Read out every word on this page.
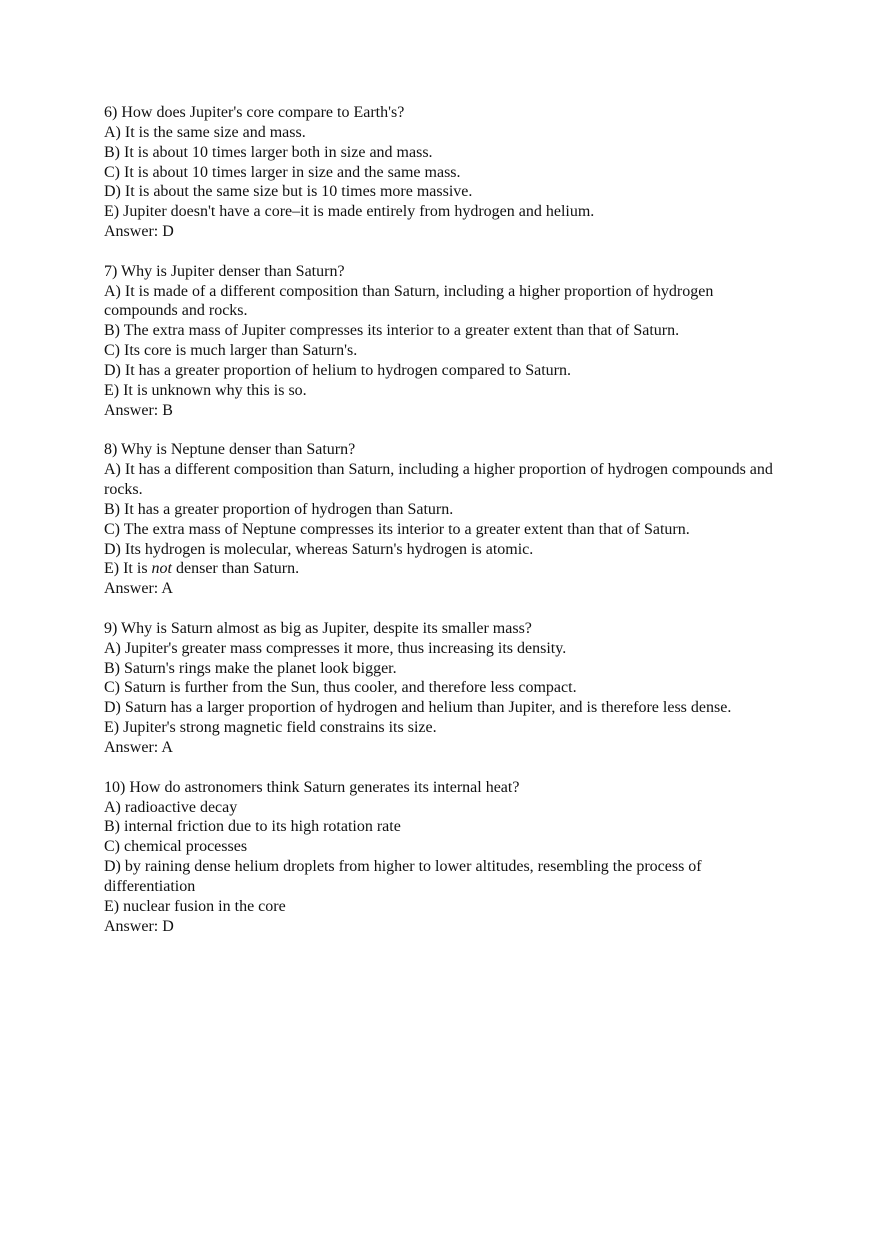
6) How does Jupiter's core compare to Earth's?
A) It is the same size and mass.
B) It is about 10 times larger both in size and mass.
C) It is about 10 times larger in size and the same mass.
D) It is about the same size but is 10 times more massive.
E) Jupiter doesn't have a core–it is made entirely from hydrogen and helium.
Answer: D
7) Why is Jupiter denser than Saturn?
A) It is made of a different composition than Saturn, including a higher proportion of hydrogen compounds and rocks.
B) The extra mass of Jupiter compresses its interior to a greater extent than that of Saturn.
C) Its core is much larger than Saturn's.
D) It has a greater proportion of helium to hydrogen compared to Saturn.
E) It is unknown why this is so.
Answer: B
8) Why is Neptune denser than Saturn?
A) It has a different composition than Saturn, including a higher proportion of hydrogen compounds and rocks.
B) It has a greater proportion of hydrogen than Saturn.
C) The extra mass of Neptune compresses its interior to a greater extent than that of Saturn.
D) Its hydrogen is molecular, whereas Saturn's hydrogen is atomic.
E) It is not denser than Saturn.
Answer: A
9) Why is Saturn almost as big as Jupiter, despite its smaller mass?
A) Jupiter's greater mass compresses it more, thus increasing its density.
B) Saturn's rings make the planet look bigger.
C) Saturn is further from the Sun, thus cooler, and therefore less compact.
D) Saturn has a larger proportion of hydrogen and helium than Jupiter, and is therefore less dense.
E) Jupiter's strong magnetic field constrains its size.
Answer: A
10) How do astronomers think Saturn generates its internal heat?
A) radioactive decay
B) internal friction due to its high rotation rate
C) chemical processes
D) by raining dense helium droplets from higher to lower altitudes, resembling the process of differentiation
E) nuclear fusion in the core
Answer: D
